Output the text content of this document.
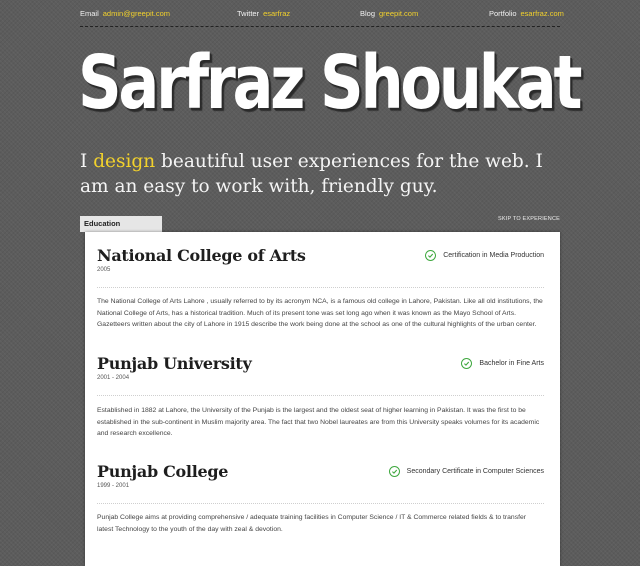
Email admin@greepit.com	Twitter esarfraz	Blog greepit.com	Portfolio esarfraz.com
Sarfraz Shoukat
I design beautiful user experiences for the web. I am an easy to work with, friendly guy.
Education	SKIP TO EXPERIENCE
National College of Arts
2005
Certification in Media Production
The National College of Arts Lahore , usually referred to by its acronym NCA, is a famous old college in Lahore, Pakistan. Like all old institutions, the National College of Arts, has a historical tradition. Much of its present tone was set long ago when it was known as the Mayo School of Arts. Gazetteers written about the city of Lahore in 1915 describe the work being done at the school as one of the cultural highlights of the urban center.
Punjab University
2001 - 2004
Bachelor in Fine Arts
Established in 1882 at Lahore, the University of the Punjab is the largest and the oldest seat of higher learning in Pakistan. It was the first to be established in the sub-continent in Muslim majority area. The fact that two Nobel laureates are from this University speaks volumes for its academic and research excellence.
Punjab College
1999 - 2001
Secondary Certificate in Computer Sciences
Punjab College aims at providing comprehensive / adequate training facilities in Computer Science / IT & Commerce related fields & to transfer latest Technology to the youth of the day with zeal & devotion.
